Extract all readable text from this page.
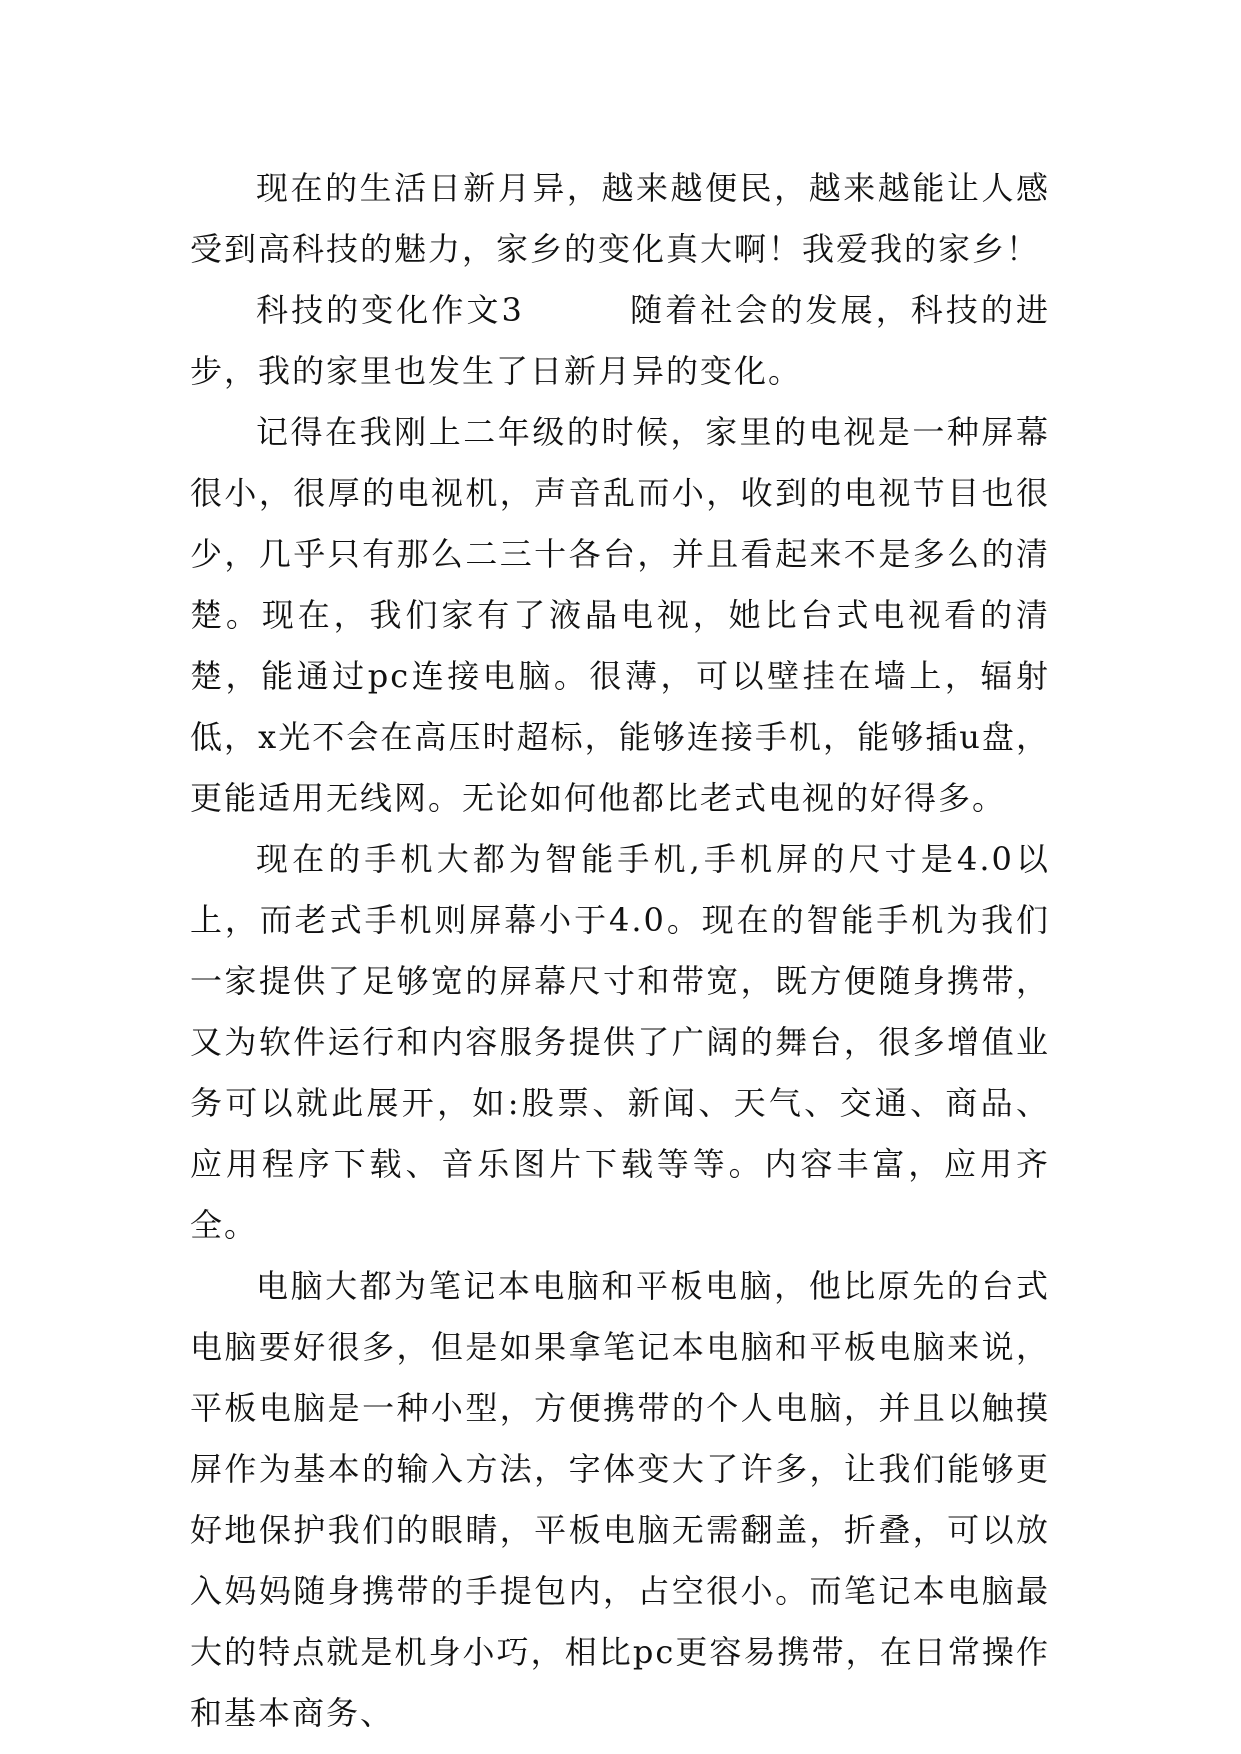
现在的生活日新月异，越来越便民，越来越能让人感受到高科技的魅力，家乡的变化真大啊！我爱我的家乡！

科技的变化作文3　　　随着社会的发展，科技的进步，我的家里也发生了日新月异的变化。

记得在我刚上二年级的时候，家里的电视是一种屏幕很小，很厚的电视机，声音乱而小，收到的电视节目也很少，几乎只有那么二三十各台，并且看起来不是多么的清楚。现在，我们家有了液晶电视，她比台式电视看的清楚，能通过pc连接电脑。很薄，可以壁挂在墙上，辐射低，x光不会在高压时超标，能够连接手机，能够插u盘，更能适用无线网。无论如何他都比老式电视的好得多。

现在的手机大都为智能手机,手机屏的尺寸是4.0以上，而老式手机则屏幕小于4.0。现在的智能手机为我们一家提供了足够宽的屏幕尺寸和带宽，既方便随身携带，又为软件运行和内容服务提供了广阔的舞台，很多增值业务可以就此展开，如:股票、新闻、天气、交通、商品、应用程序下载、音乐图片下载等等。内容丰富，应用齐全。

电脑大都为笔记本电脑和平板电脑，他比原先的台式电脑要好很多，但是如果拿笔记本电脑和平板电脑来说，平板电脑是一种小型，方便携带的个人电脑，并且以触摸屏作为基本的输入方法，字体变大了许多，让我们能够更好地保护我们的眼睛，平板电脑无需翻盖，折叠，可以放入妈妈随身携带的手提包内，占空很小。而笔记本电脑最大的特点就是机身小巧，相比pc更容易携带，在日常操作和基本商务、
